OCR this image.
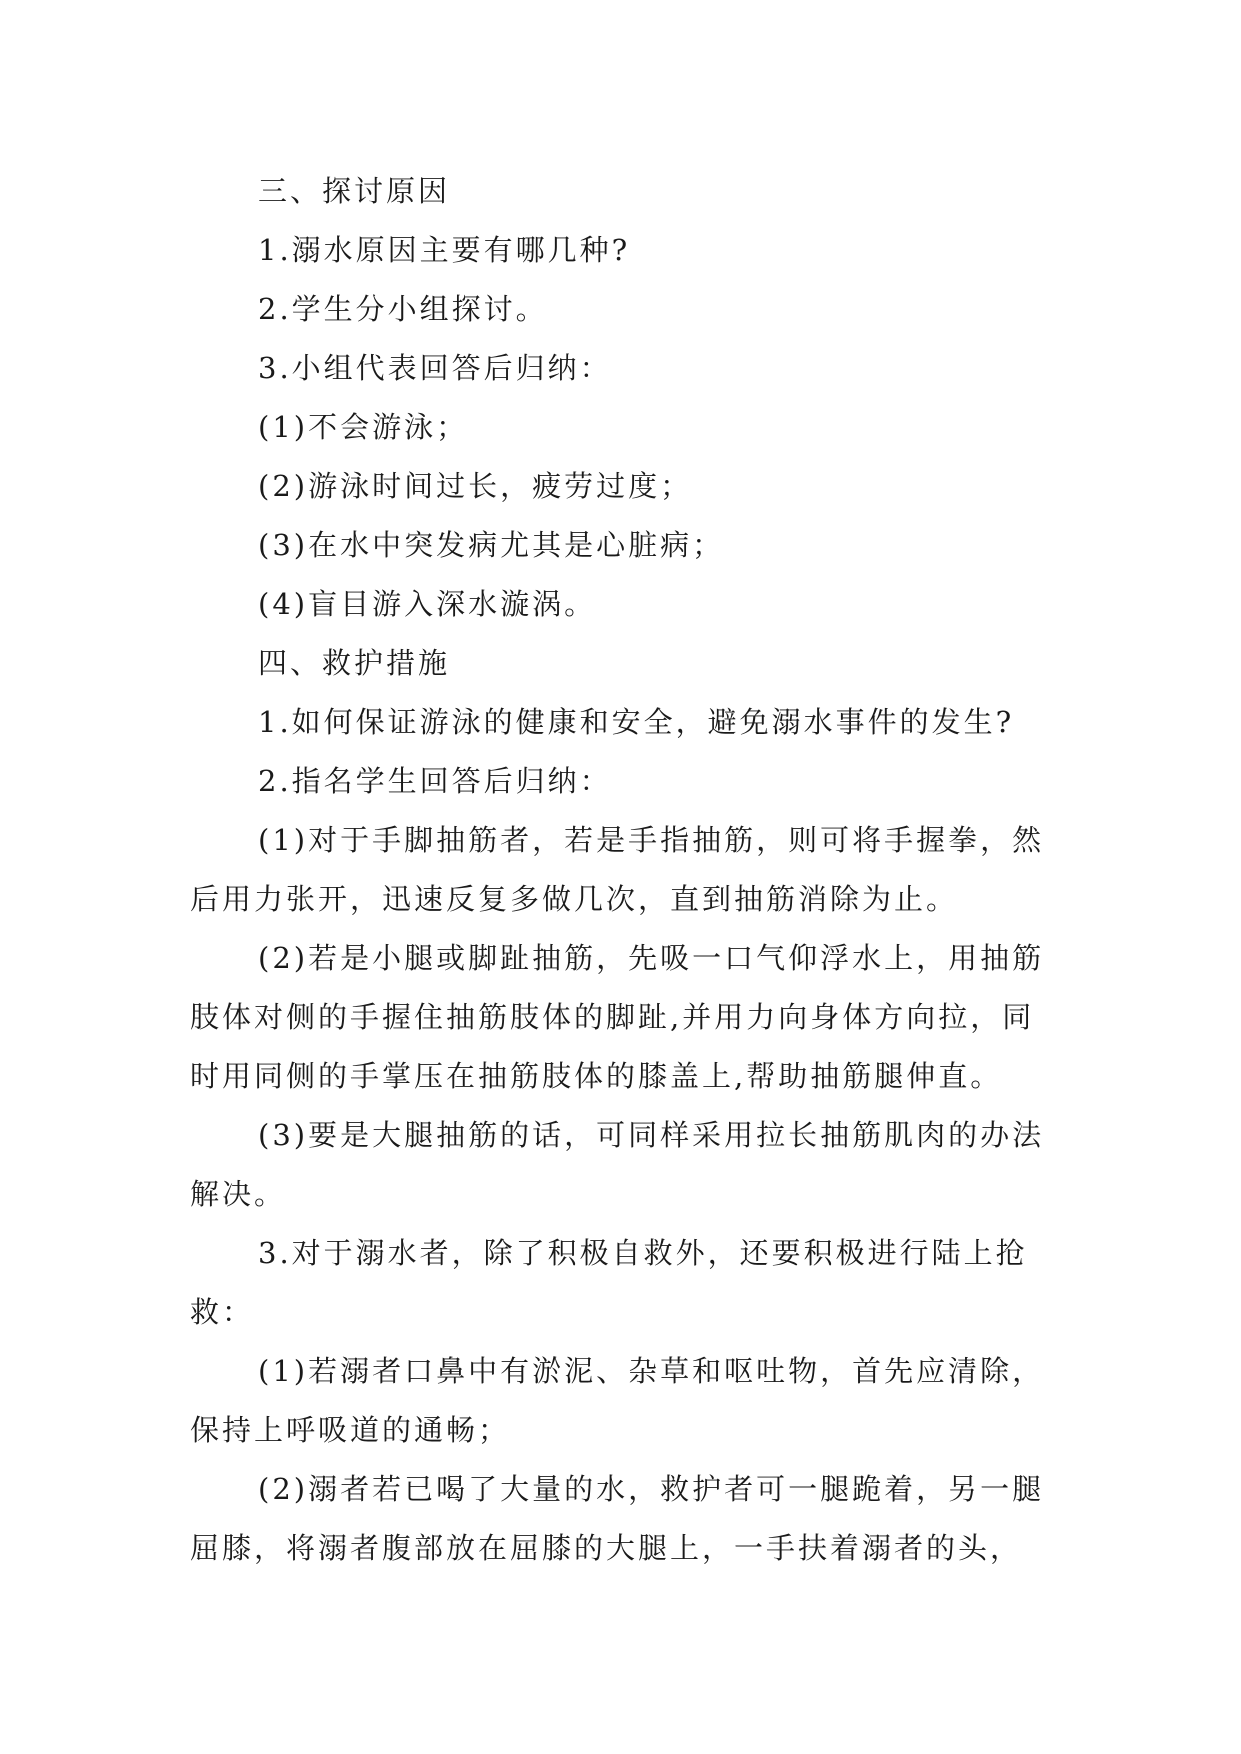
三、探讨原因

1.溺水原因主要有哪几种?

2.学生分小组探讨。

3.小组代表回答后归纳：

(1)不会游泳；

(2)游泳时间过长，疲劳过度；

(3)在水中突发病尤其是心脏病；

(4)盲目游入深水漩涡。

四、救护措施

1.如何保证游泳的健康和安全，避免溺水事件的发生?

2.指名学生回答后归纳：

(1)对于手脚抽筋者，若是手指抽筋，则可将手握拳，然后用力张开，迅速反复多做几次，直到抽筋消除为止。

(2)若是小腿或脚趾抽筋，先吸一口气仰浮水上，用抽筋肢体对侧的手握住抽筋肢体的脚趾,并用力向身体方向拉，同时用同侧的手掌压在抽筋肢体的膝盖上,帮助抽筋腿伸直。

(3)要是大腿抽筋的话，可同样采用拉长抽筋肌肉的办法解决。

3.对于溺水者，除了积极自救外，还要积极进行陆上抢救：

(1)若溺者口鼻中有淤泥、杂草和呕吐物，首先应清除，保持上呼吸道的通畅；

(2)溺者若已喝了大量的水，救护者可一腿跪着，另一腿屈膝，将溺者腹部放在屈膝的大腿上，一手扶着溺者的头，
